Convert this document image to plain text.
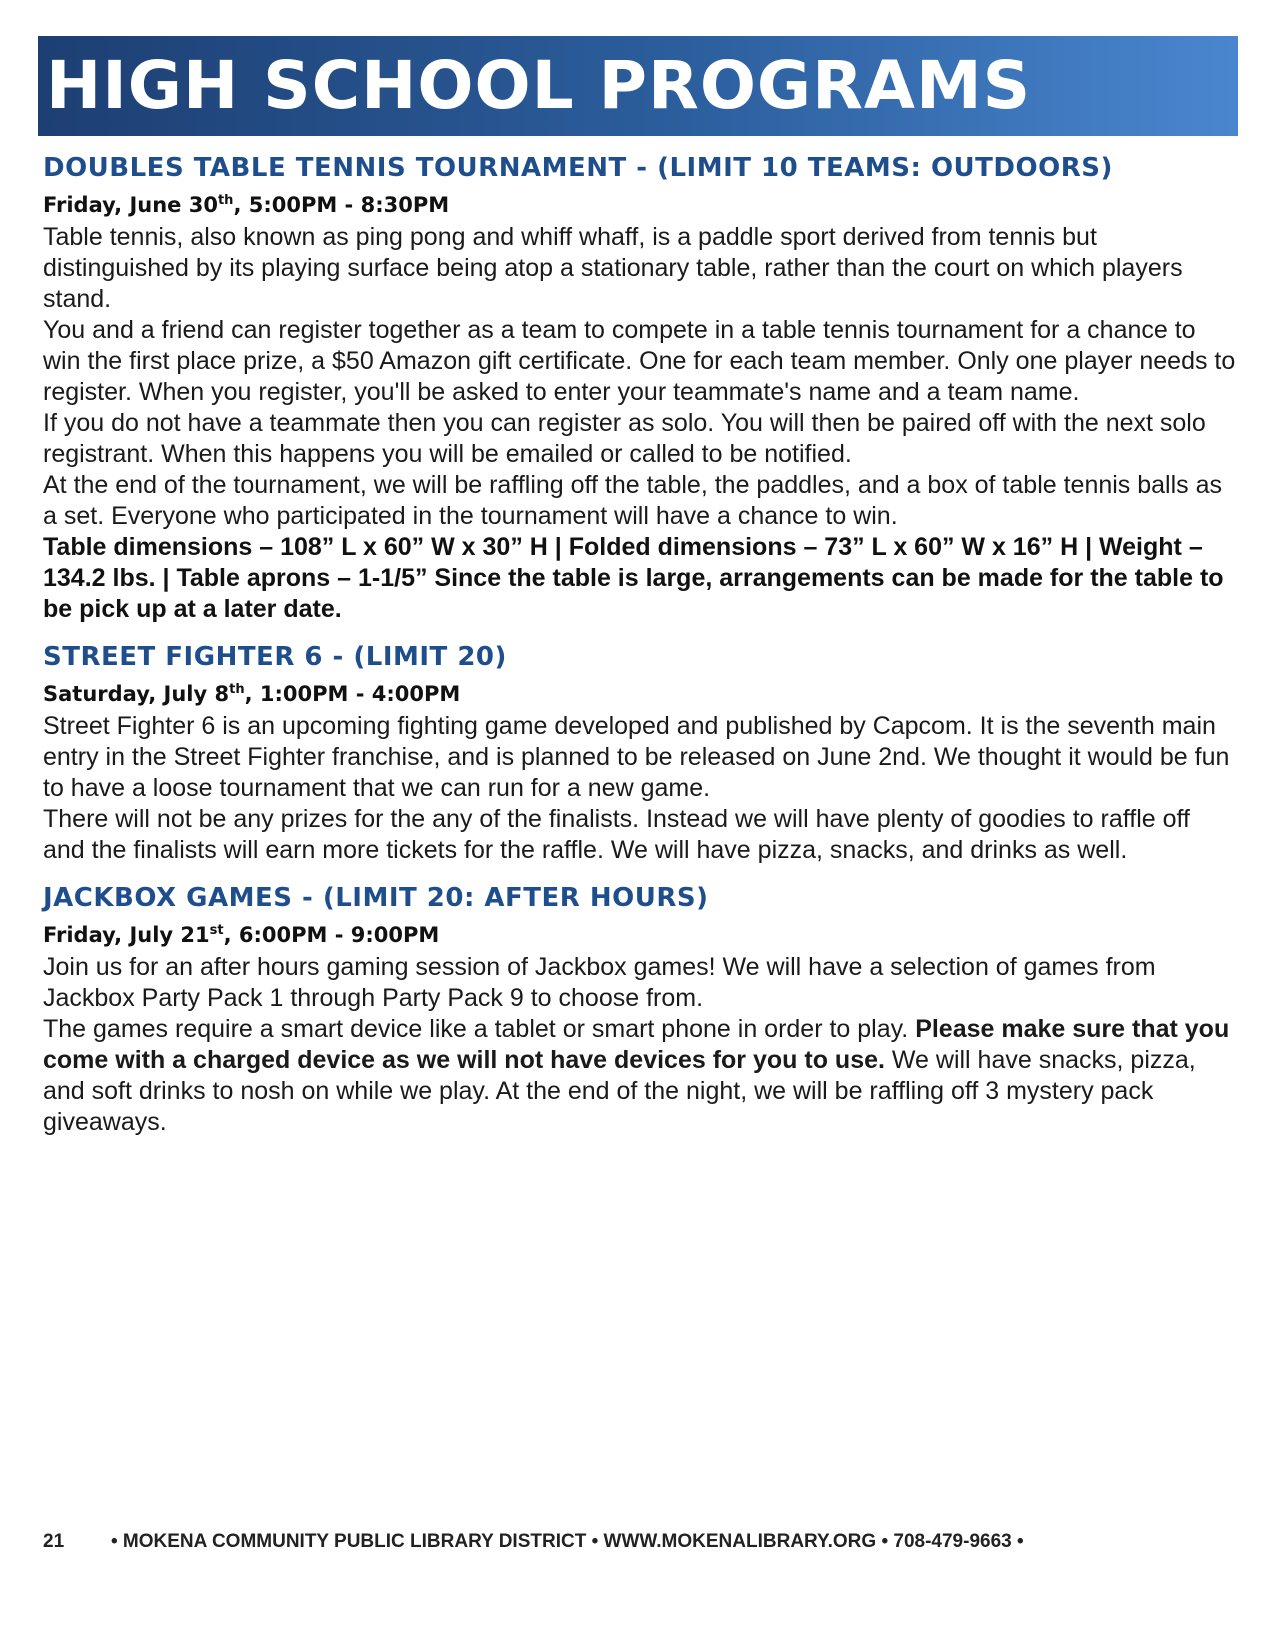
HIGH SCHOOL PROGRAMS
DOUBLES TABLE TENNIS TOURNAMENT - (LIMIT 10 TEAMS: OUTDOORS)

Friday, June 30th, 5:00PM - 8:30PM

Table tennis, also known as ping pong and whiff whaff, is a paddle sport derived from tennis but distinguished by its playing surface being atop a stationary table, rather than the court on which players stand.

You and a friend can register together as a team to compete in a table tennis tournament for a chance to win the first place prize, a $50 Amazon gift certificate. One for each team member. Only one player needs to register. When you register, you'll be asked to enter your teammate's name and a team name.

If you do not have a teammate then you can register as solo. You will then be paired off with the next solo registrant. When this happens you will be emailed or called to be notified.

At the end of the tournament, we will be raffling off the table, the paddles, and a box of table tennis balls as a set. Everyone who participated in the tournament will have a chance to win.

Table dimensions – 108” L x 60” W x 30” H | Folded dimensions – 73” L x 60” W x 16” H | Weight – 134.2 lbs. | Table aprons – 1-1/5” Since the table is large, arrangements can be made for the table to be pick up at a later date.

STREET FIGHTER 6 - (LIMIT 20)

Saturday, July 8th, 1:00PM - 4:00PM

Street Fighter 6 is an upcoming fighting game developed and published by Capcom. It is the seventh main entry in the Street Fighter franchise, and is planned to be released on June 2nd. We thought it would be fun to have a loose tournament that we can run for a new game.

There will not be any prizes for the any of the finalists. Instead we will have plenty of goodies to raffle off and the finalists will earn more tickets for the raffle. We will have pizza, snacks, and drinks as well.

JACKBOX GAMES - (LIMIT 20: AFTER HOURS)

Friday, July 21st, 6:00PM - 9:00PM

Join us for an after hours gaming session of Jackbox games! We will have a selection of games from Jackbox Party Pack 1 through Party Pack 9 to choose from.

The games require a smart device like a tablet or smart phone in order to play. Please make sure that you come with a charged device as we will not have devices for you to use. We will have snacks, pizza, and soft drinks to nosh on while we play. At the end of the night, we will be raffling off 3 mystery pack giveaways.

21 • MOKENA COMMUNITY PUBLIC LIBRARY DISTRICT • WWW.MOKENALIBRARY.ORG • 708-479-9663 •
